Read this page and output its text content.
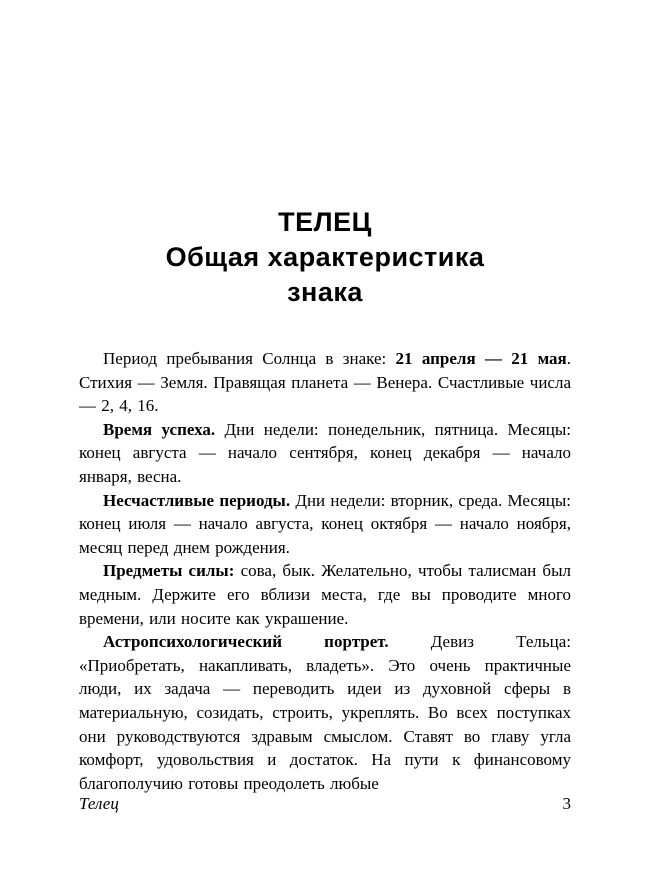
ТЕЛЕЦ
Общая характеристика
знака

Период пребывания Солнца в знаке: 21 апреля — 21 мая. Стихия — Земля. Правящая планета — Венера. Счастливые числа — 2, 4, 16.

Время успеха. Дни недели: понедельник, пятница. Месяцы: конец августа — начало сентября, конец декабря — начало января, весна.

Несчастливые периоды. Дни недели: вторник, среда. Месяцы: конец июля — начало августа, конец октября — начало ноября, месяц перед днем рождения.

Предметы силы: сова, бык. Желательно, чтобы талисман был медным. Держите его вблизи места, где вы проводите много времени, или носите как украшение.

Астропсихологический портрет. Девиз Тельца: «Приобретать, накапливать, владеть». Это очень практичные люди, их задача — переводить идеи из духовной сферы в материальную, созидать, строить, укреплять. Во всех поступках они руководствуются здравым смыслом. Ставят во главу угла комфорт, удовольствия и достаток. На пути к финансовому благополучию готовы преодолеть любые

Телец	3
